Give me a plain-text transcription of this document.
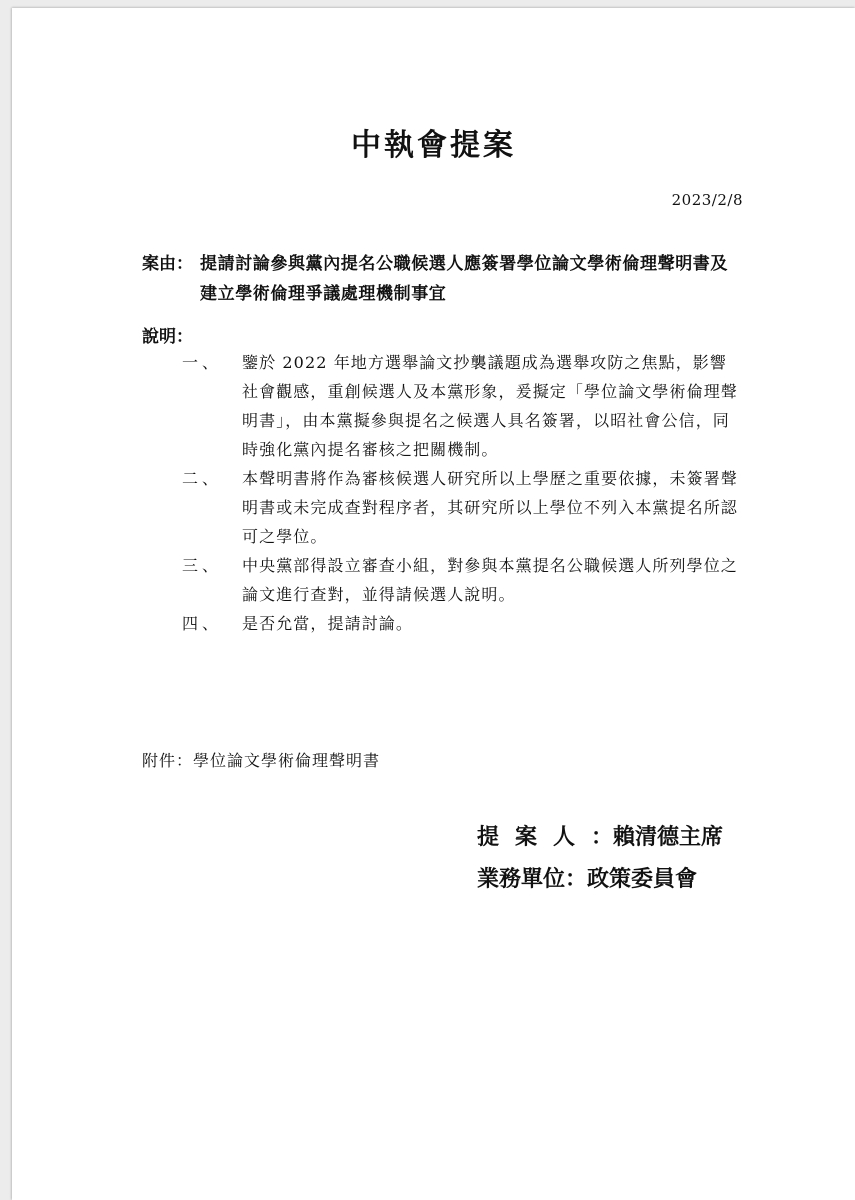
中執會提案
2023/2/8
案由： 提請討論參與黨內提名公職候選人應簽署學位論文學術倫理聲明書及建立學術倫理爭議處理機制事宜
說明：
一、	鑒於 2022 年地方選舉論文抄襲議題成為選舉攻防之焦點，影響社會觀感，重創候選人及本黨形象，爰擬定「學位論文學術倫理聲明書」，由本黨擬參與提名之候選人具名簽署，以昭社會公信，同時強化黨內提名審核之把關機制。
二、	本聲明書將作為審核候選人研究所以上學歷之重要依據，未簽署聲明書或未完成查對程序者，其研究所以上學位不列入本黨提名所認可之學位。
三、	中央黨部得設立審查小組，對參與本黨提名公職候選人所列學位之論文進行查對，並得請候選人說明。
四、	是否允當，提請討論。
附件：學位論文學術倫理聲明書
提案人 ：賴清德主席
業務單位 ：政策委員會
